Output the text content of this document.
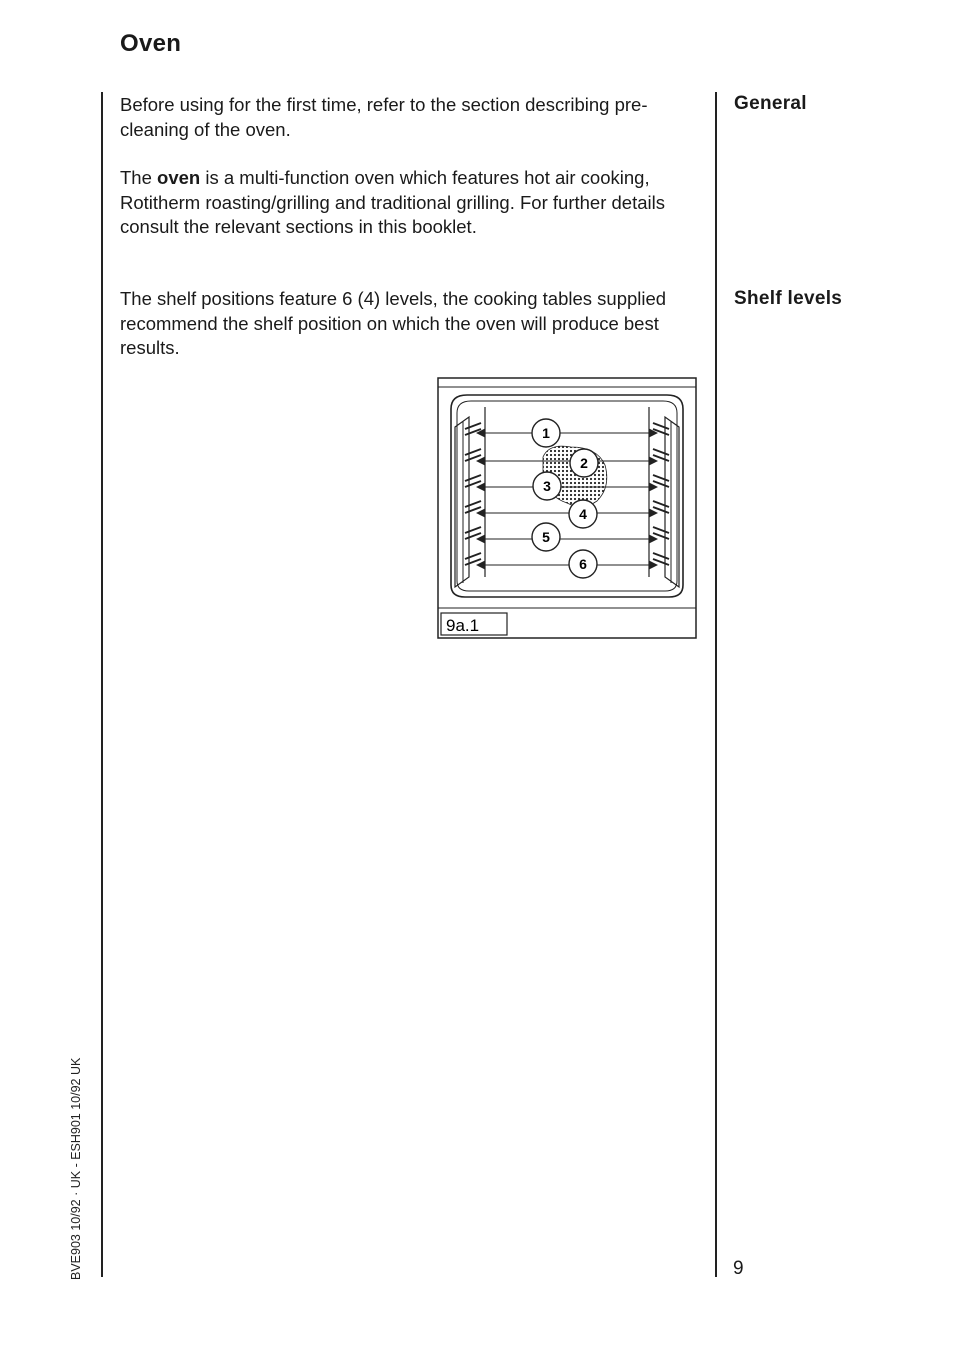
Oven

Before using for the first time, refer to the section describing pre-cleaning of the oven.

The oven is a multi-function oven which features hot air cooking, Rotitherm roasting/grilling and traditional grilling. For further details consult the relevant sections in this booklet.

The shelf positions feature 6 (4) levels, the cooking tables supplied recommend the shelf position on which the oven will produce best results.

General
Shelf levels
1
2
3
4
5
6
9a.1
9
BVE903 10/92 · UK - ESH901 10/92 UK
